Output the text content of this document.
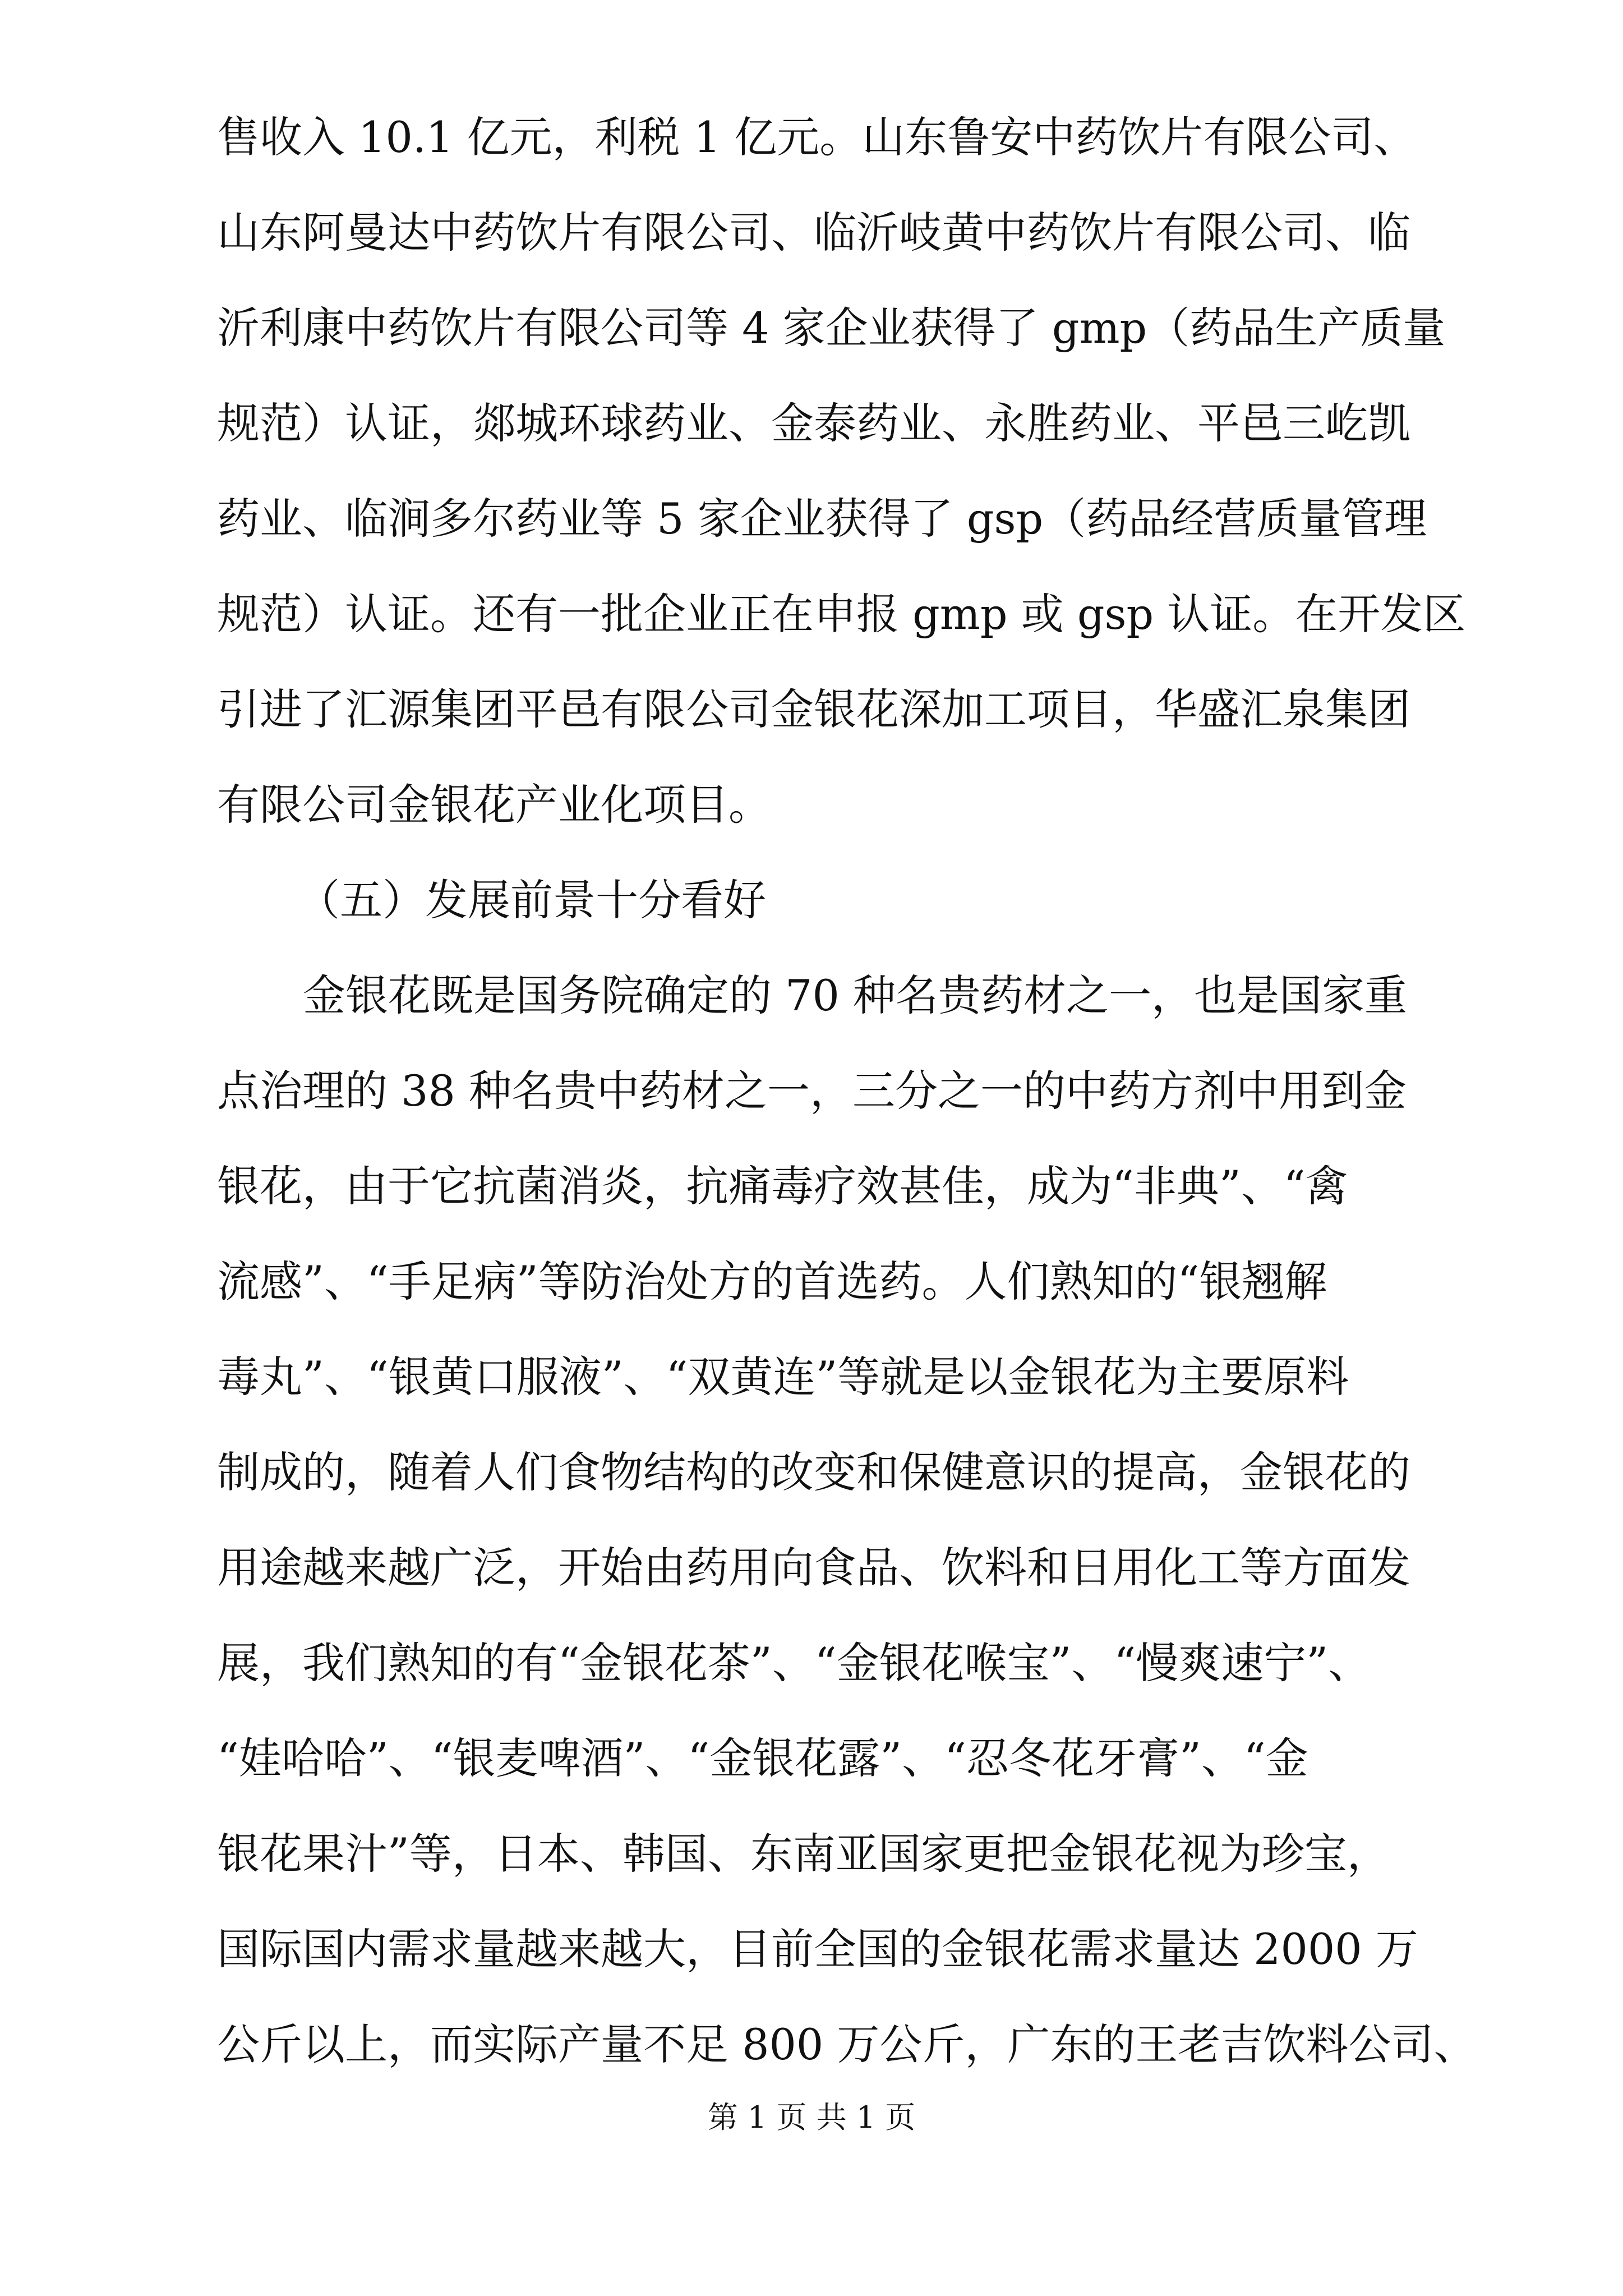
售收入 10.1 亿元，利税 1 亿元。山东鲁安中药饮片有限公司、
山东阿曼达中药饮片有限公司、临沂岐黄中药饮片有限公司、临
沂利康中药饮片有限公司等 4 家企业获得了 gmp（药品生产质量
规范）认证，郯城环球药业、金泰药业、永胜药业、平邑三屹凯
药业、临涧多尔药业等 5 家企业获得了 gsp（药品经营质量管理
规范）认证。还有一批企业正在申报 gmp 或 gsp 认证。在开发区
引进了汇源集团平邑有限公司金银花深加工项目，华盛汇泉集团
有限公司金银花产业化项目。
（五）发展前景十分看好
金银花既是国务院确定的 70 种名贵药材之一，也是国家重
点治理的 38 种名贵中药材之一，三分之一的中药方剂中用到金
银花，由于它抗菌消炎，抗痛毒疗效甚佳，成为“非典”、“禽
流感”、“手足病”等防治处方的首选药。人们熟知的“银翘解
毒丸”、“银黄口服液”、“双黄连”等就是以金银花为主要原料
制成的，随着人们食物结构的改变和保健意识的提高，金银花的
用途越来越广泛，开始由药用向食品、饮料和日用化工等方面发
展，我们熟知的有“金银花茶”、“金银花喉宝”、“慢爽速宁”、
“娃哈哈”、“银麦啤酒”、“金银花露”、“忍冬花牙膏”、“金
银花果汁”等，日本、韩国、东南亚国家更把金银花视为珍宝，
国际国内需求量越来越大，目前全国的金银花需求量达 2000 万
公斤以上，而实际产量不足 800 万公斤，广东的王老吉饮料公司、
第 1 页 共 1 页
